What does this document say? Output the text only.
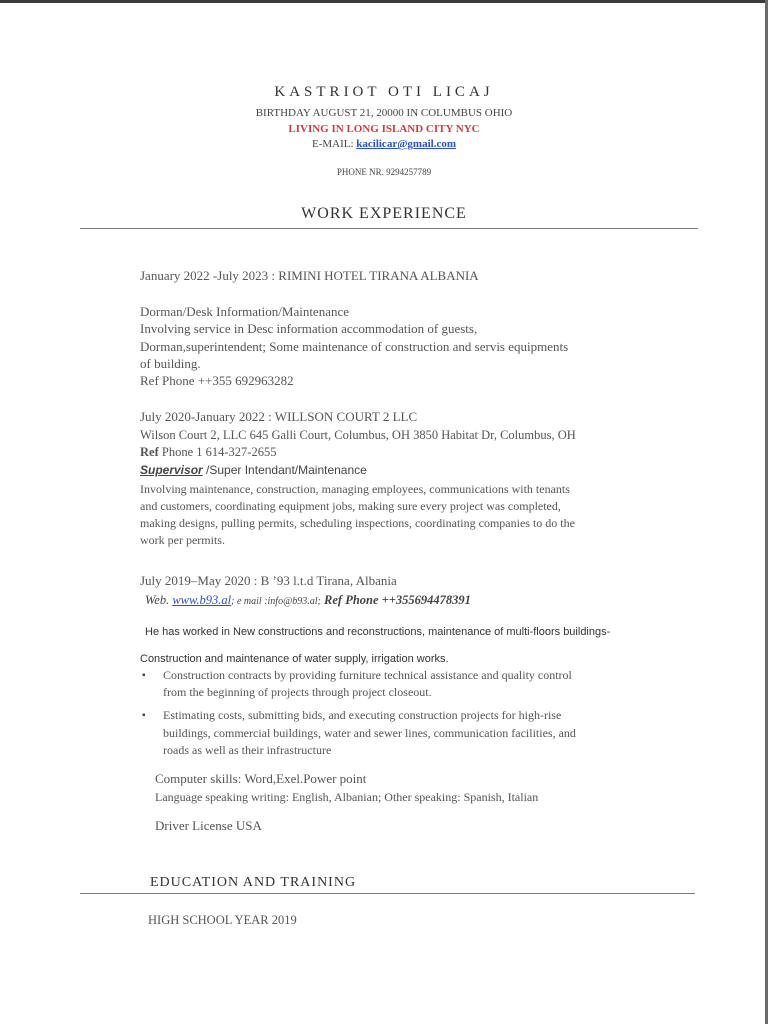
KASTRIOT OTI LICAJ
BIRTHDAY AUGUST 21, 20000 IN COLUMBUS OHIO
LIVING IN LONG ISLAND CITY NYC
E-MAIL: kacilicar@gmail.com
PHONE NR. 9294257789
WORK EXPERIENCE
January 2022 -July 2023 : RIMINI HOTEL TIRANA ALBANIA
Dorman/Desk Information/Maintenance
Involving service in Desc information accommodation of guests,
Dorman,superintendent; Some maintenance of construction and servis equipments
of building.
Ref Phone ++355 692963282
July 2020-January 2022 : WILLSON COURT 2 LLC
Wilson Court 2, LLC 645 Galli Court, Columbus, OH 3850 Habitat Dr, Columbus, OH
Ref Phone 1 614-327-2655
Supervisor /Super Intendant/Maintenance
Involving maintenance, construction, managing employees, communications with tenants
and customers, coordinating equipment jobs, making sure every project was completed,
making designs, pulling permits, scheduling inspections, coordinating companies to do the
work per permits.
July 2019–May 2020 : B ’93 l.t.d Tirana, Albania
Web. www.b93.al; e mail :info@b93.al; Ref Phone ++355694478391
He has worked in New constructions and reconstructions, maintenance of multi-floors buildings-
Construction and maintenance of water supply, irrigation works.
▪ Construction contracts by providing furniture technical assistance and quality control
from the beginning of projects through project closeout.
▪ Estimating costs, submitting bids, and executing construction projects for high-rise
buildings, commercial buildings, water and sewer lines, communication facilities, and
roads as well as their infrastructure
Computer skills: Word,Exel.Power point
Language speaking writing: English, Albanian; Other speaking: Spanish, Italian
Driver License USA
EDUCATION AND TRAINING
HIGH SCHOOL YEAR 2019
